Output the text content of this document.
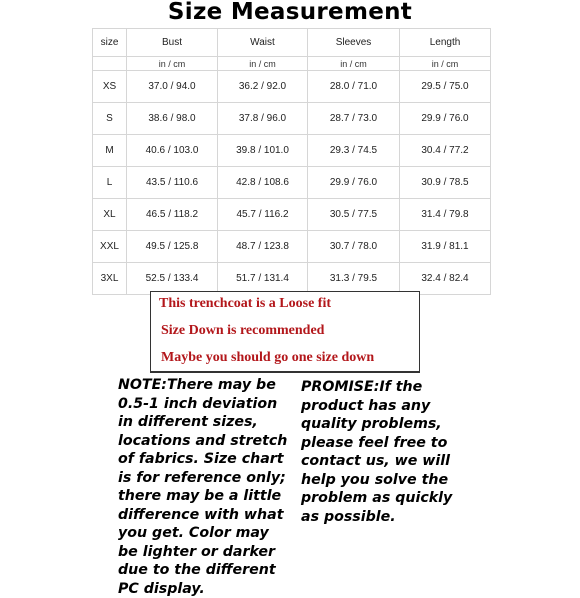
Size Measurement
size	Bust	Waist	Sleeves	Length
	in / cm	in / cm	in / cm	in / cm
XS	37.0 / 94.0	36.2 / 92.0	28.0 / 71.0	29.5 / 75.0
S	38.6 / 98.0	37.8 / 96.0	28.7 / 73.0	29.9 / 76.0
M	40.6 / 103.0	39.8 / 101.0	29.3 / 74.5	30.4 / 77.2
L	43.5 / 110.6	42.8 / 108.6	29.9 / 76.0	30.9 / 78.5
XL	46.5 / 118.2	45.7 / 116.2	30.5 / 77.5	31.4 / 79.8
XXL	49.5 / 125.8	48.7 / 123.8	30.7 / 78.0	31.9 / 81.1
3XL	52.5 / 133.4	51.7 / 131.4	31.3 / 79.5	32.4 / 82.4
This trenchcoat is a Loose fit
Size Down is recommended
Maybe you should go one size down
NOTE:There may be
0.5-1 inch deviation
in different sizes,
locations and stretch
of fabrics. Size chart
is for reference only;
there may be a little
difference with what
you get. Color may
be lighter or darker
due to the different
PC display.
PROMISE:If the
product has any
quality problems,
please feel free to
contact us, we will
help you solve the
problem as quickly
as possible.
